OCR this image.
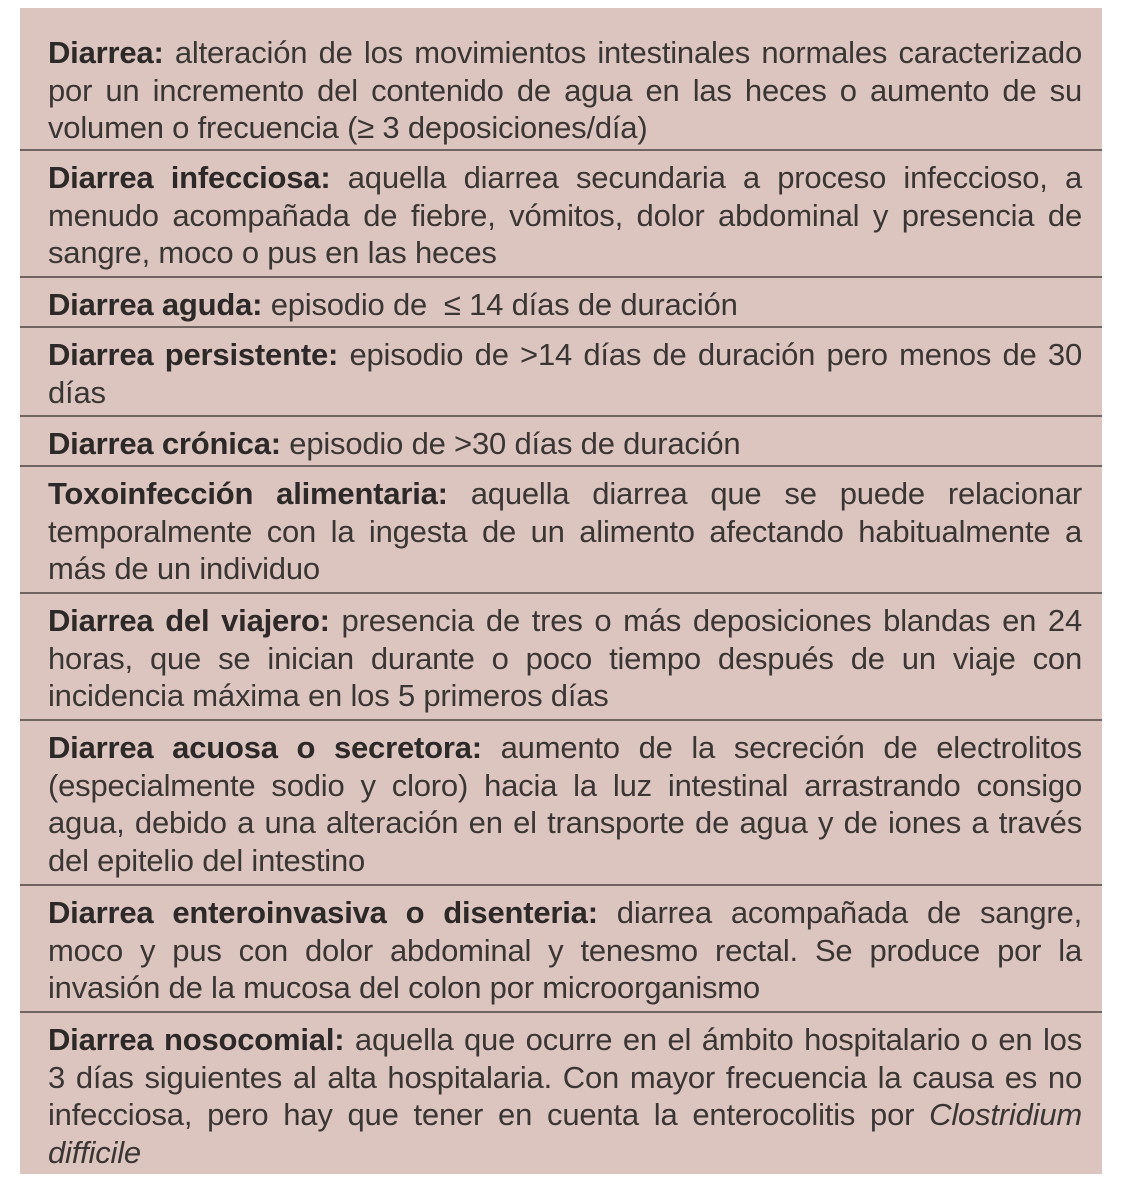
Diarrea: alteración de los movimientos intestinales normales caracterizado por un incremento del contenido de agua en las heces o aumento de su volumen o frecuencia (≥ 3 deposiciones/día)

Diarrea infecciosa: aquella diarrea secundaria a proceso infeccioso, a menudo acompañada de fiebre, vómitos, dolor abdominal y presencia de sangre, moco o pus en las heces

Diarrea aguda: episodio de  ≤ 14 días de duración

Diarrea persistente: episodio de >14 días de duración pero menos de 30 días

Diarrea crónica: episodio de >30 días de duración

Toxoinfección alimentaria: aquella diarrea que se puede relacionar temporalmente con la ingesta de un alimento afectando habitualmente a más de un individuo

Diarrea del viajero: presencia de tres o más deposiciones blandas en 24 horas, que se inician durante o poco tiempo después de un viaje con incidencia máxima en los 5 primeros días

Diarrea acuosa o secretora: aumento de la secreción de electrolitos (especialmente sodio y cloro) hacia la luz intestinal arrastrando consigo agua, debido a una alteración en el transporte de agua y de iones a través del epitelio del intestino

Diarrea enteroinvasiva o disenteria: diarrea acompañada de sangre, moco y pus con dolor abdominal y tenesmo rectal. Se produce por la invasión de la mucosa del colon por microorganismo

Diarrea nosocomial: aquella que ocurre en el ámbito hospitalario o en los 3 días siguientes al alta hospitalaria. Con mayor frecuencia la causa es no infecciosa, pero hay que tener en cuenta la enterocolitis por Clostridium difficile
